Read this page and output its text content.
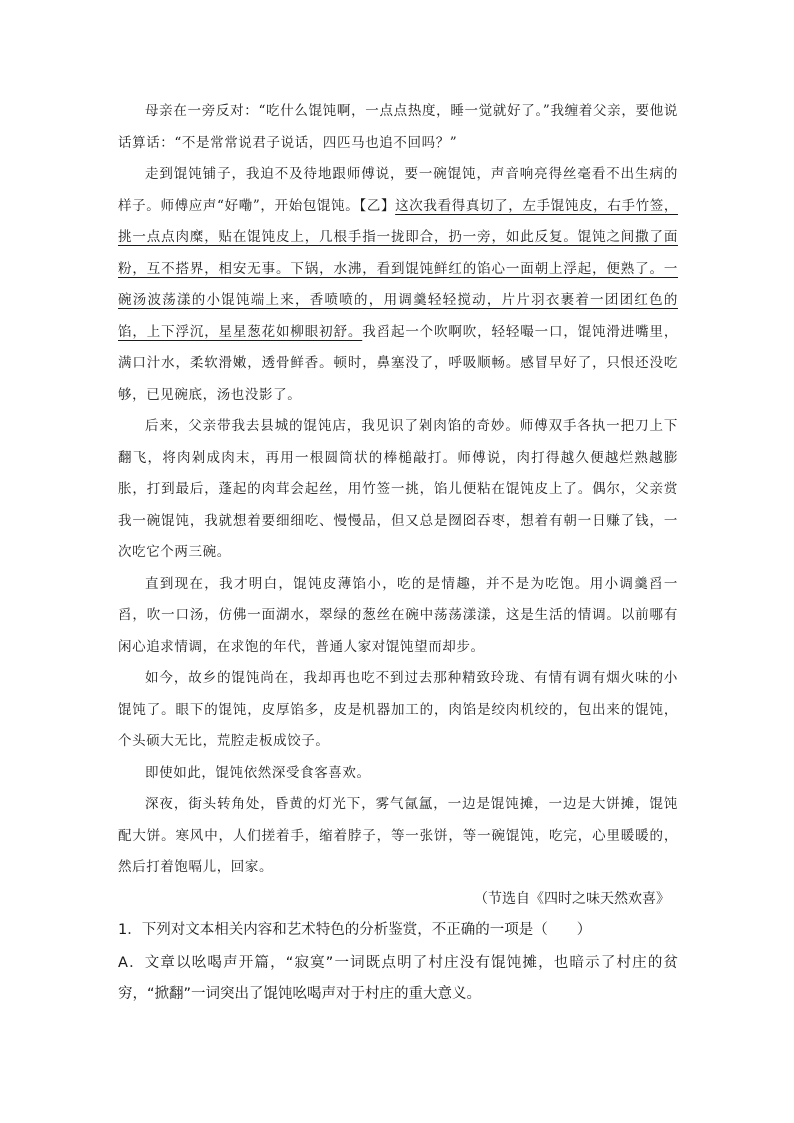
母亲在一旁反对：“吃什么馄饨啊，一点点热度，睡一觉就好了。”我缠着父亲，要他说话算话：“不是常常说君子说话，四匹马也追不回吗？”

走到馄饨铺子，我迫不及待地跟师傅说，要一碗馄饨，声音响亮得丝毫看不出生病的样子。师傅应声“好嘞”，开始包馄饨。【乙】这次我看得真切了，左手馄饨皮，右手竹签，挑一点点肉糜，贴在馄饨皮上，几根手指一拢即合，扔一旁，如此反复。馄饨之间撒了面粉，互不搭界，相安无事。下锅，水沸，看到馄饨鲜红的馅心一面朝上浮起，便熟了。一碗汤波荡漾的小馄饨端上来，香喷喷的，用调羹轻轻搅动，片片羽衣裹着一团团红色的馅，上下浮沉，星星葱花如柳眼初舒。我舀起一个吹啊吹，轻轻嘬一口，馄饨滑进嘴里，满口汁水，柔软滑嫩，透骨鲜香。顿时，鼻塞没了，呼吸顺畅。感冒早好了，只恨还没吃够，已见碗底，汤也没影了。

后来，父亲带我去县城的馄饨店，我见识了剁肉馅的奇妙。师傅双手各执一把刀上下翻飞，将肉剁成肉末，再用一根圆筒状的棒槌敲打。师傅说，肉打得越久便越烂熟越膨胀，打到最后，蓬起的肉茸会起丝，用竹签一挑，馅儿便粘在馄饨皮上了。偶尔，父亲赏我一碗馄饨，我就想着要细细吃、慢慢品，但又总是囫囵吞枣，想着有朝一日赚了钱，一次吃它个两三碗。

直到现在，我才明白，馄饨皮薄馅小，吃的是情趣，并不是为吃饱。用小调羹舀一舀，吹一口汤，仿佛一面湖水，翠绿的葱丝在碗中荡荡漾漾，这是生活的情调。以前哪有闲心追求情调，在求饱的年代，普通人家对馄饨望而却步。

如今，故乡的馄饨尚在，我却再也吃不到过去那种精致玲珑、有情有调有烟火味的小馄饨了。眼下的馄饨，皮厚馅多，皮是机器加工的，肉馅是绞肉机绞的，包出来的馄饨，个头硕大无比，荒腔走板成饺子。

即使如此，馄饨依然深受食客喜欢。

深夜，街头转角处，昏黄的灯光下，雾气氤氲，一边是馄饨摊，一边是大饼摊，馄饨配大饼。寒风中，人们搓着手，缩着脖子，等一张饼，等一碗馄饨，吃完，心里暖暖的，然后打着饱嗝儿，回家。

（节选自《四时之味天然欢喜》

1．下列对文本相关内容和艺术特色的分析鉴赏，不正确的一项是（　　）

A．文章以吆喝声开篇，“寂寞”一词既点明了村庄没有馄饨摊，也暗示了村庄的贫穷，“掀翻”一词突出了馄饨吆喝声对于村庄的重大意义。
